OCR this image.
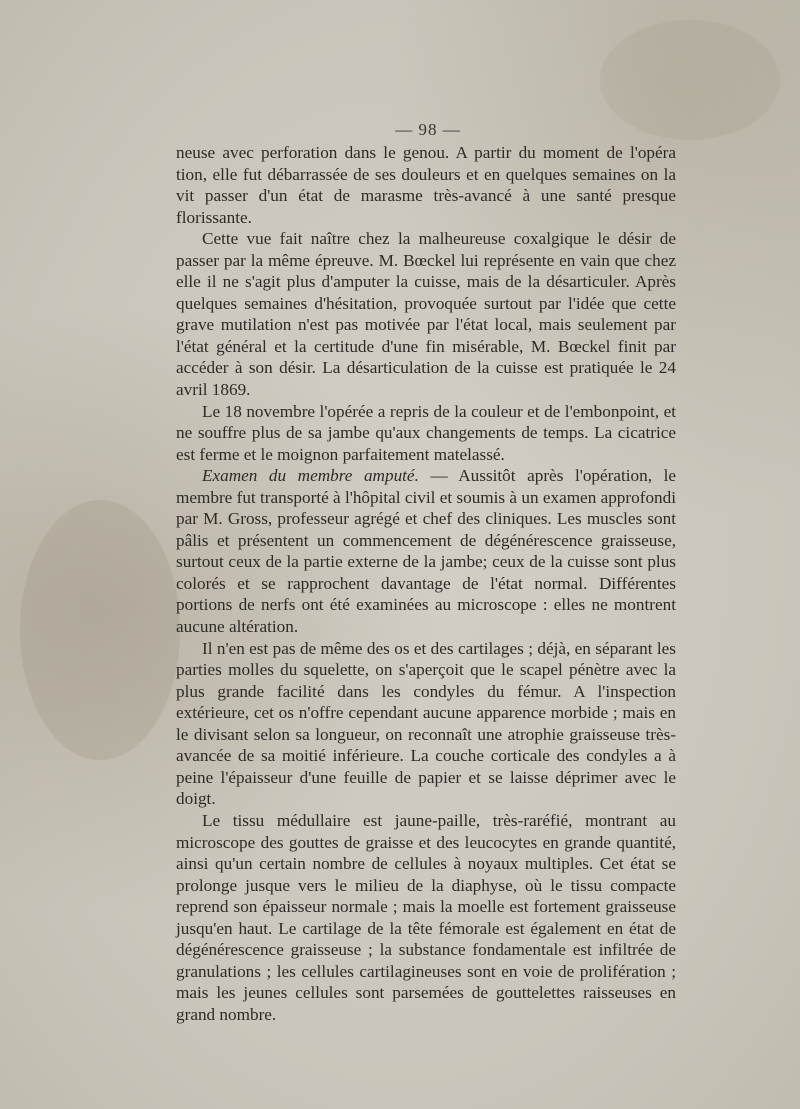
— 98 —

neuse avec perforation dans le genou. A partir du moment de l'opéra tion, elle fut débarrassée de ses douleurs et en quelques semaines on la vit passer d'un état de marasme très-avancé à une santé presque florissante.

Cette vue fait naître chez la malheureuse coxalgique le désir de passer par la même épreuve. M. Bœckel lui représente en vain que chez elle il ne s'agit plus d'amputer la cuisse, mais de la désarticuler. Après quelques semaines d'hésitation, provoquée surtout par l'idée que cette grave mutilation n'est pas motivée par l'état local, mais seulement par l'état général et la certitude d'une fin misérable, M. Bœckel finit par accéder à son désir. La désarticulation de la cuisse est pratiquée le 24 avril 1869.

Le 18 novembre l'opérée a repris de la couleur et de l'embonpoint, et ne souffre plus de sa jambe qu'aux changements de temps. La cicatrice est ferme et le moignon parfaitement matelassé.

Examen du membre amputé. — Aussitôt après l'opération, le membre fut transporté à l'hôpital civil et soumis à un examen approfondi par M. Gross, professeur agrégé et chef des cliniques. Les muscles sont pâlis et présentent un commencement de dégénérescence graisseuse, surtout ceux de la partie externe de la jambe; ceux de la cuisse sont plus colorés et se rapprochent davantage de l'état normal. Différentes portions de nerfs ont été examinées au microscope : elles ne montrent aucune altération.

Il n'en est pas de même des os et des cartilages ; déjà, en séparant les parties molles du squelette, on s'aperçoit que le scapel pénètre avec la plus grande facilité dans les condyles du fémur. A l'inspection extérieure, cet os n'offre cependant aucune apparence morbide ; mais en le divisant selon sa longueur, on reconnaît une atrophie graisseuse très-avancée de sa moitié inférieure. La couche corticale des condyles a à peine l'épaisseur d'une feuille de papier et se laisse déprimer avec le doigt.

Le tissu médullaire est jaune-paille, très-raréfié, montrant au microscope des gouttes de graisse et des leucocytes en grande quantité, ainsi qu'un certain nombre de cellules à noyaux multiples. Cet état se prolonge jusque vers le milieu de la diaphyse, où le tissu compacte reprend son épaisseur normale ; mais la moelle est fortement graisseuse jusqu'en haut. Le cartilage de la tête fémorale est également en état de dégénérescence graisseuse ; la substance fondamentale est infiltrée de granulations ; les cellules cartilagineuses sont en voie de prolifération ; mais les jeunes cellules sont parsemées de gouttelettes raisseuses en grand nombre.
